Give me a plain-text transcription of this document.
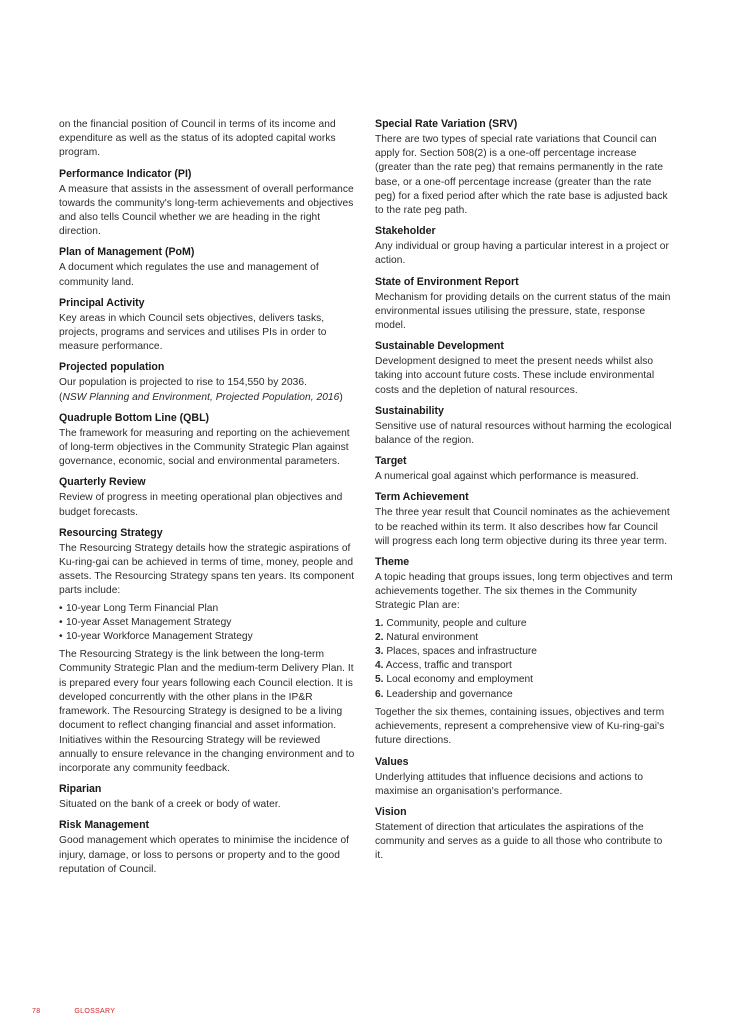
on the financial position of Council in terms of its income and expenditure as well as the status of its adopted capital works program.

Performance Indicator (PI)

A measure that assists in the assessment of overall performance towards the community's long-term achievements and objectives and also tells Council whether we are heading in the right direction.

Plan of Management (PoM)

A document which regulates the use and management of community land.

Principal Activity

Key areas in which Council sets objectives, delivers tasks, projects, programs and services and utilises PIs in order to measure performance.

Projected population

Our population is projected to rise to 154,550 by 2036.
(NSW Planning and Environment, Projected Population, 2016)

Quadruple Bottom Line (QBL)

The framework for measuring and reporting on the achievement of long-term objectives in the Community Strategic Plan against governance, economic, social and environmental parameters.

Quarterly Review

Review of progress in meeting operational plan objectives and budget forecasts.

Resourcing Strategy

The Resourcing Strategy details how the strategic aspirations of Ku-ring-gai can be achieved in terms of time, money, people and assets. The Resourcing Strategy spans ten years. Its component parts include:

• 10-year Long Term Financial Plan
• 10-year Asset Management Strategy
• 10-year Workforce Management Strategy

The Resourcing Strategy is the link between the long-term Community Strategic Plan and the medium-term Delivery Plan. It is prepared every four years following each Council election. It is developed concurrently with the other plans in the IP&R framework. The Resourcing Strategy is designed to be a living document to reflect changing financial and asset information. Initiatives within the Resourcing Strategy will be reviewed annually to ensure relevance in the changing environment and to incorporate any community feedback.

Riparian

Situated on the bank of a creek or body of water.

Risk Management

Good management which operates to minimise the incidence of injury, damage, or loss to persons or property and to the good reputation of Council.

Special Rate Variation (SRV)

There are two types of special rate variations that Council can apply for. Section 508(2) is a one-off percentage increase (greater than the rate peg) that remains permanently in the rate base, or a one-off percentage increase (greater than the rate peg) for a fixed period after which the rate base is adjusted back to the rate peg path.

Stakeholder

Any individual or group having a particular interest in a project or action.

State of Environment Report

Mechanism for providing details on the current status of the main environmental issues utilising the pressure, state, response model.

Sustainable Development

Development designed to meet the present needs whilst also taking into account future costs. These include environmental costs and the depletion of natural resources.

Sustainability

Sensitive use of natural resources without harming the ecological balance of the region.

Target

A numerical goal against which performance is measured.

Term Achievement

The three year result that Council nominates as the achievement to be reached within its term. It also describes how far Council will progress each long term objective during its three year term.

Theme

A topic heading that groups issues, long term objectives and term achievements together. The six themes in the Community Strategic Plan are:

1. Community, people and culture
2. Natural environment
3. Places, spaces and infrastructure
4. Access, traffic and transport
5. Local economy and employment
6. Leadership and governance

Together the six themes, containing issues, objectives and term achievements, represent a comprehensive view of Ku-ring-gai's future directions.

Values

Underlying attitudes that influence decisions and actions to maximise an organisation's performance.

Vision

Statement of direction that articulates the aspirations of the community and serves as a guide to all those who contribute to it.

78	GLOSSARY
